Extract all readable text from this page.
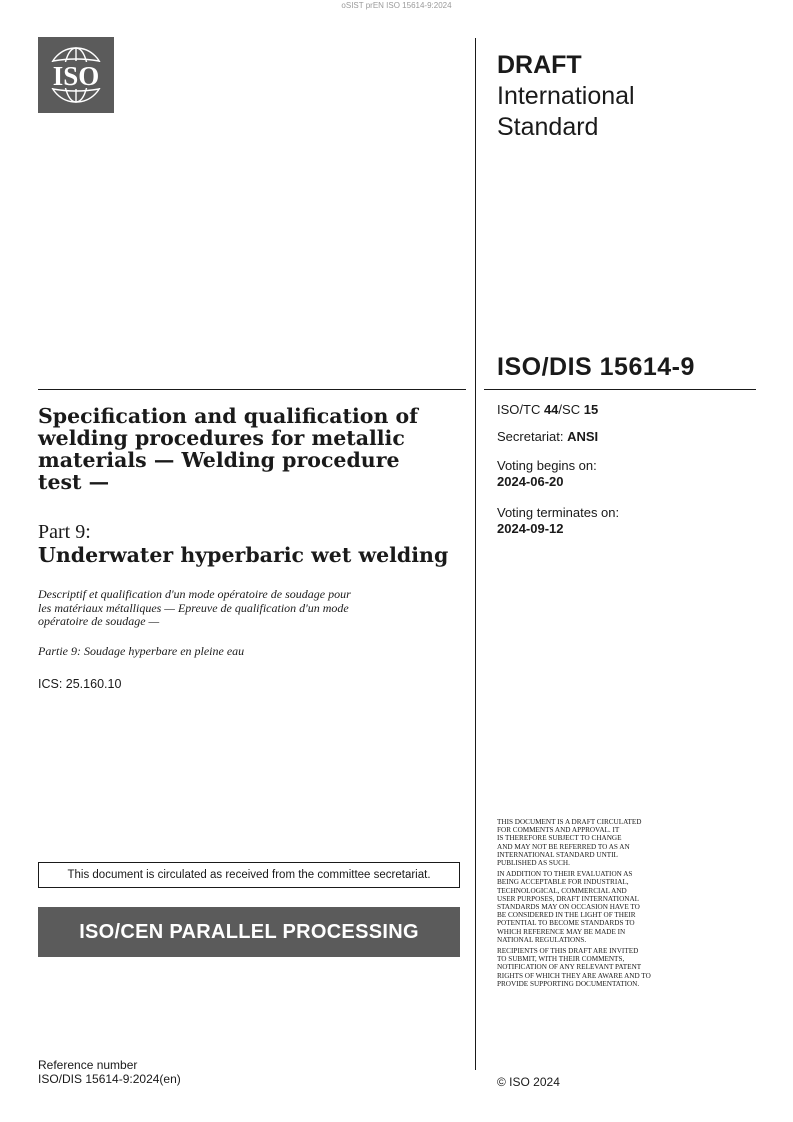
oSIST prEN ISO 15614-9:2024
ISO	DRAFT
International
Standard
ISO/DIS 15614-9
ISO/TC 44/SC 15
Secretariat: ANSI
Voting begins on:
2024-06-20
Voting terminates on:
2024-09-12
Specification and qualification of
welding procedures for metallic
materials — Welding procedure
test —
Part 9:
Underwater hyperbaric wet welding
Descriptif et qualification d'un mode opératoire de soudage pour
les matériaux métalliques — Epreuve de qualification d'un mode
opératoire de soudage —
Partie 9: Soudage hyperbare en pleine eau
ICS: 25.160.10
This document is circulated as received from the committee secretariat.
ISO/CEN PARALLEL PROCESSING

THIS DOCUMENT IS A DRAFT CIRCULATED
FOR COMMENTS AND APPROVAL. IT
IS THEREFORE SUBJECT TO CHANGE
AND MAY NOT BE REFERRED TO AS AN
INTERNATIONAL STANDARD UNTIL
PUBLISHED AS SUCH.

IN ADDITION TO THEIR EVALUATION AS
BEING ACCEPTABLE FOR INDUSTRIAL,
TECHNOLOGICAL, COMMERCIAL AND
USER PURPOSES, DRAFT INTERNATIONAL
STANDARDS MAY ON OCCASION HAVE TO
BE CONSIDERED IN THE LIGHT OF THEIR
POTENTIAL TO BECOME STANDARDS TO
WHICH REFERENCE MAY BE MADE IN
NATIONAL REGULATIONS.

RECIPIENTS OF THIS DRAFT ARE INVITED
TO SUBMIT, WITH THEIR COMMENTS,
NOTIFICATION OF ANY RELEVANT PATENT
RIGHTS OF WHICH THEY ARE AWARE AND TO
PROVIDE SUPPORTING DOCUMENTATION.

Reference number
ISO/DIS 15614-9:2024(en)	© ISO 2024
